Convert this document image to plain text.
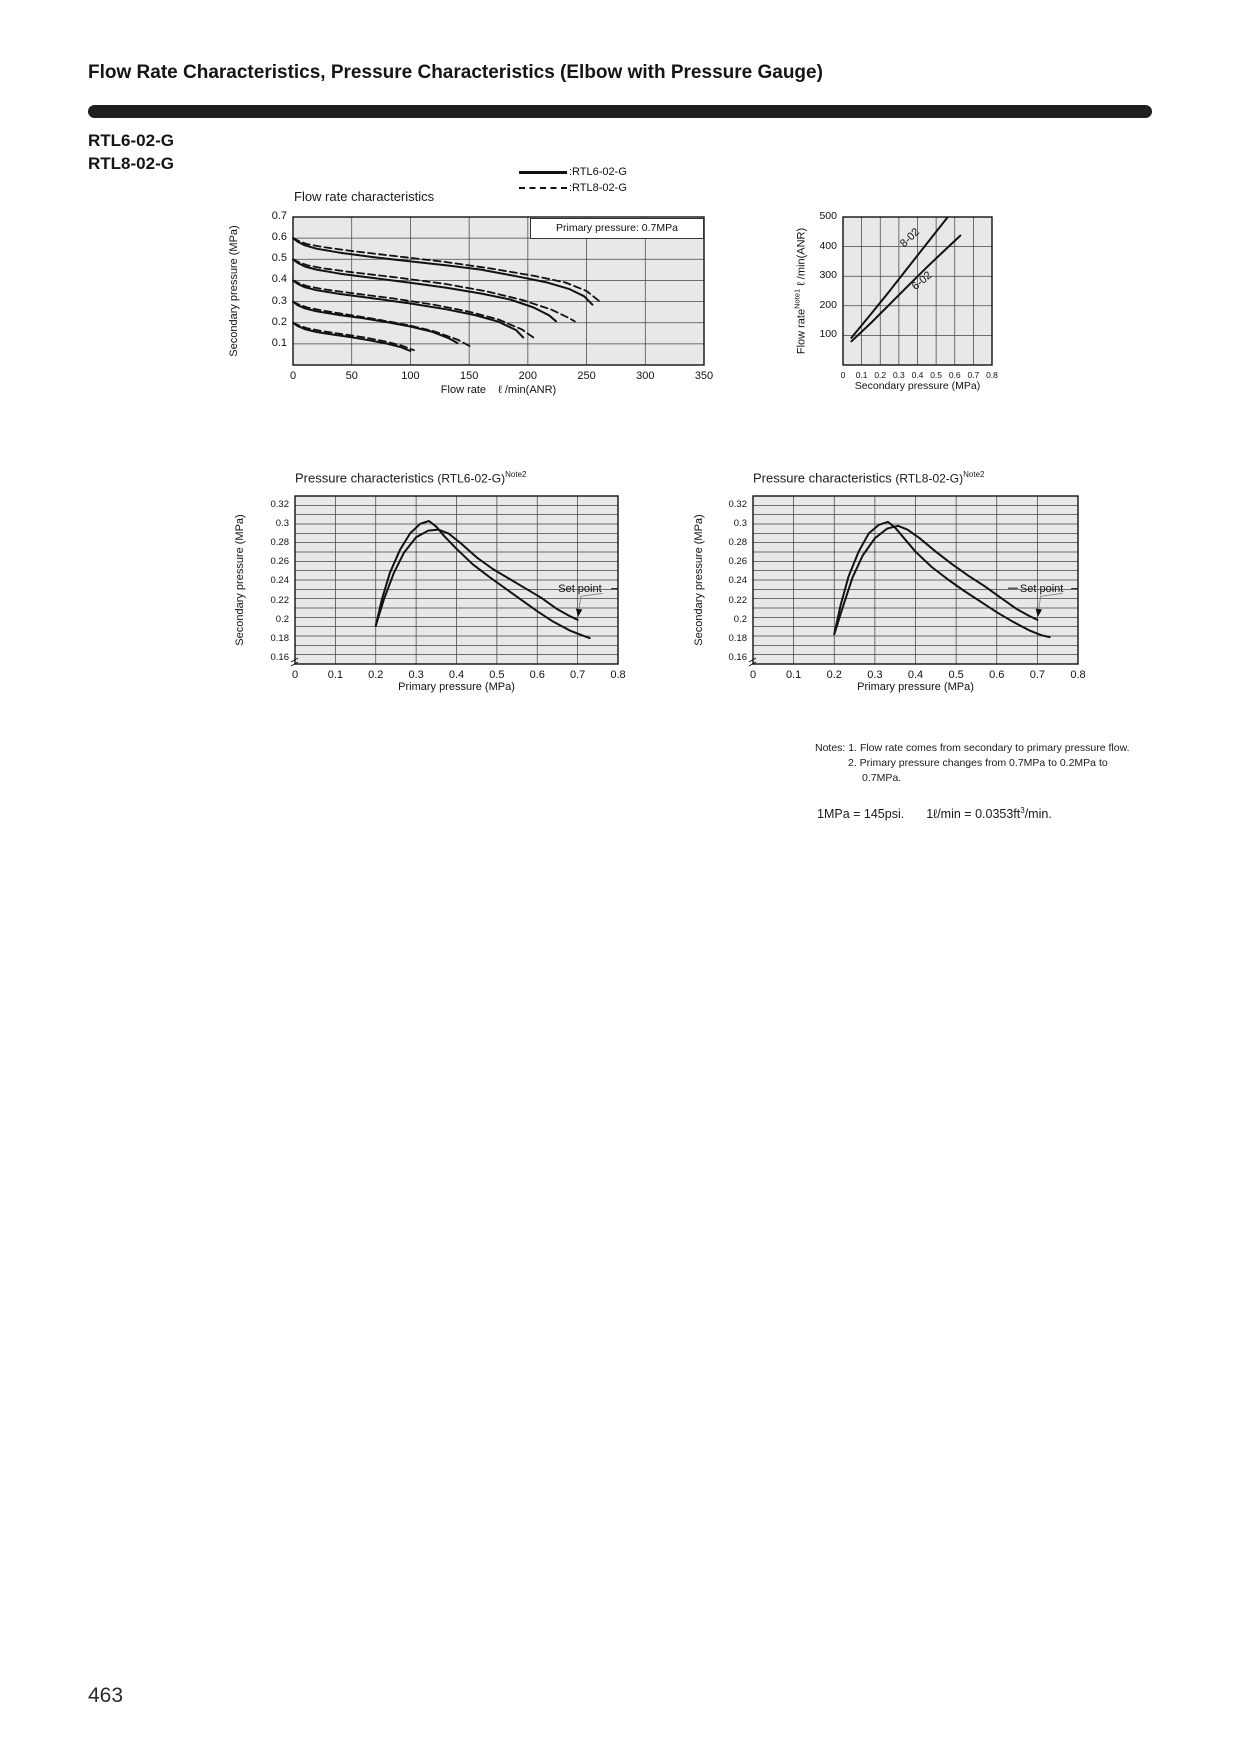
Flow Rate Characteristics, Pressure Characteristics (Elbow with Pressure Gauge)
RTL6-02-G
RTL8-02-G
Flow rate characteristics
:RTL6-02-G
:RTL8-02-G
Primary pressure: 0.7MPa
Secondary pressure (MPa)
Flow rate    ℓ /min(ANR)
0	50	100	150	200	250	300	350
0.1
0.2
0.3
0.4
0.5
0.6
0.7
Flow rate$^{Note1}$ ℓ /min(ANR)
Secondary pressure (MPa)
8-02
6-02
0	0.1 0.2 0.3 0.4 0.5 0.6 0.7 0.8
100
200
300
400
500
Pressure characteristics $(RTL6-02-G)^{Note2}$
Set point
Secondary pressure (MPa)
Primary pressure (MPa)
0	0.1	0.2	0.3	0.4	0.5	0.6	0.7	0.8
0.16
0.18
0.2
0.22
0.24
0.26
0.28
0.3
0.32
Pressure characteristics $(RTL8-02-G)^{Note2}$
Set point
Secondary pressure (MPa)
Primary pressure (MPa)
0	0.1	0.2	0.3	0.4	0.5	0.6	0.7	0.8
0.16
0.18
0.2
0.22
0.24
0.26
0.28
0.3
0.32
Notes: 1. Flow rate comes from secondary to primary pressure flow.
2. Primary pressure changes from 0.7MPa to 0.2MPa to
0.7MPa.
1MPa = 145psi. 1ℓ/min = $0.0353ft^3/\min$.
463
